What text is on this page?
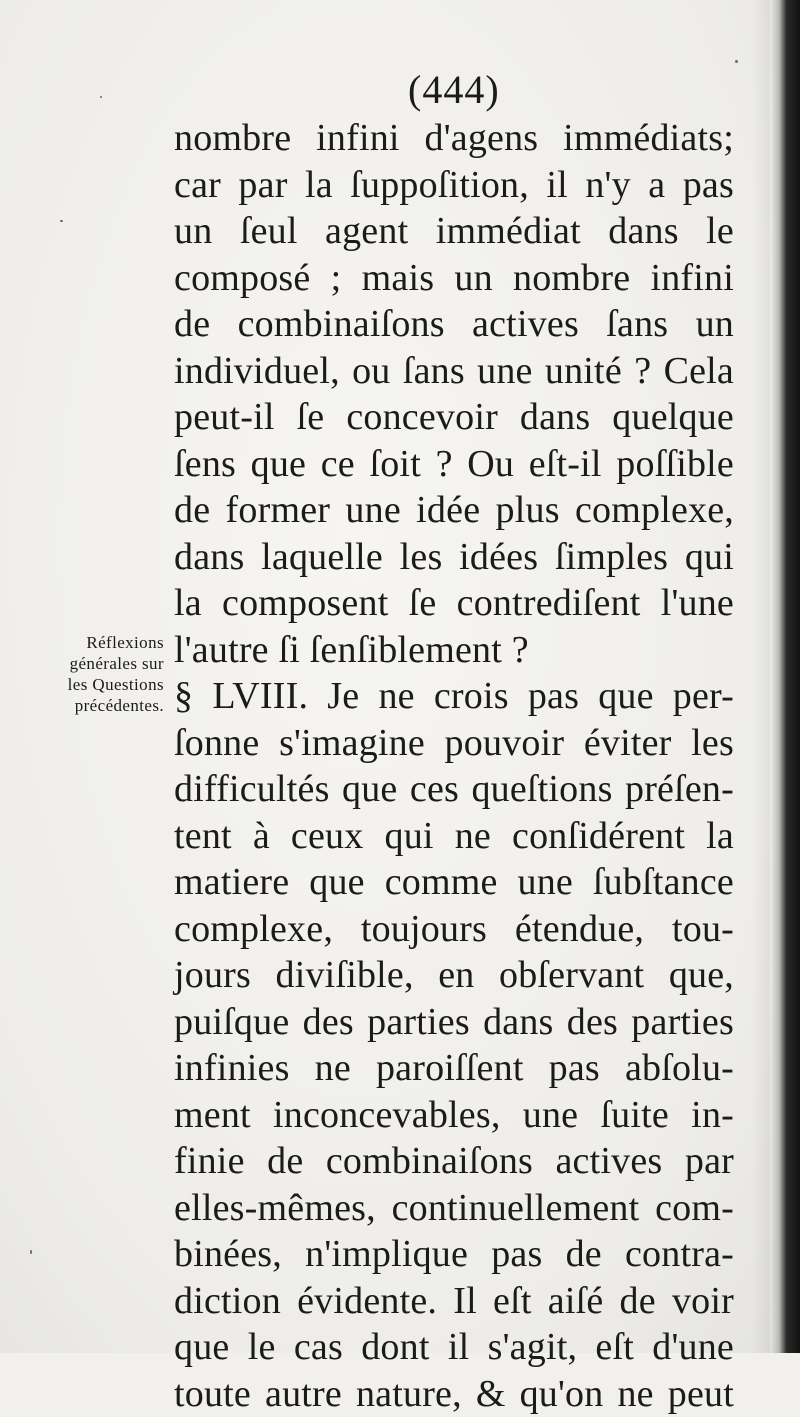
(444)
Réflexions
générales sur
les Questions
précédentes.
nombre infini d'agens immédiats;
car par la ſuppoſition, il n'y a pas
un ſeul agent immédiat dans le
composé ; mais un nombre infini
de combinaiſons actives ſans un
individuel, ou ſans une unité ? Cela
peut-il ſe concevoir dans quelque
ſens que ce ſoit ? Ou eſt-il poſſible
de former une idée plus complexe,
dans laquelle les idées ſimples qui
la composent ſe contrediſent l'une
l'autre ſi ſenſiblement ?
§ LVIII. Je ne crois pas que per-
ſonne s'imagine pouvoir éviter les
difficultés que ces queſtions préſen-
tent à ceux qui ne conſidérent la
matiere que comme une ſubſtance
complexe, toujours étendue, tou-
jours diviſible, en obſervant que,
puiſque des parties dans des parties
infinies ne paroiſſent pas abſolu-
ment inconcevables, une ſuite in-
finie de combinaiſons actives par
elles-mêmes, continuellement com-
binées, n'implique pas de contra-
diction évidente. Il eſt aiſé de voir
que le cas dont il s'agit, eſt d'une
toute autre nature, & qu'on ne peut
